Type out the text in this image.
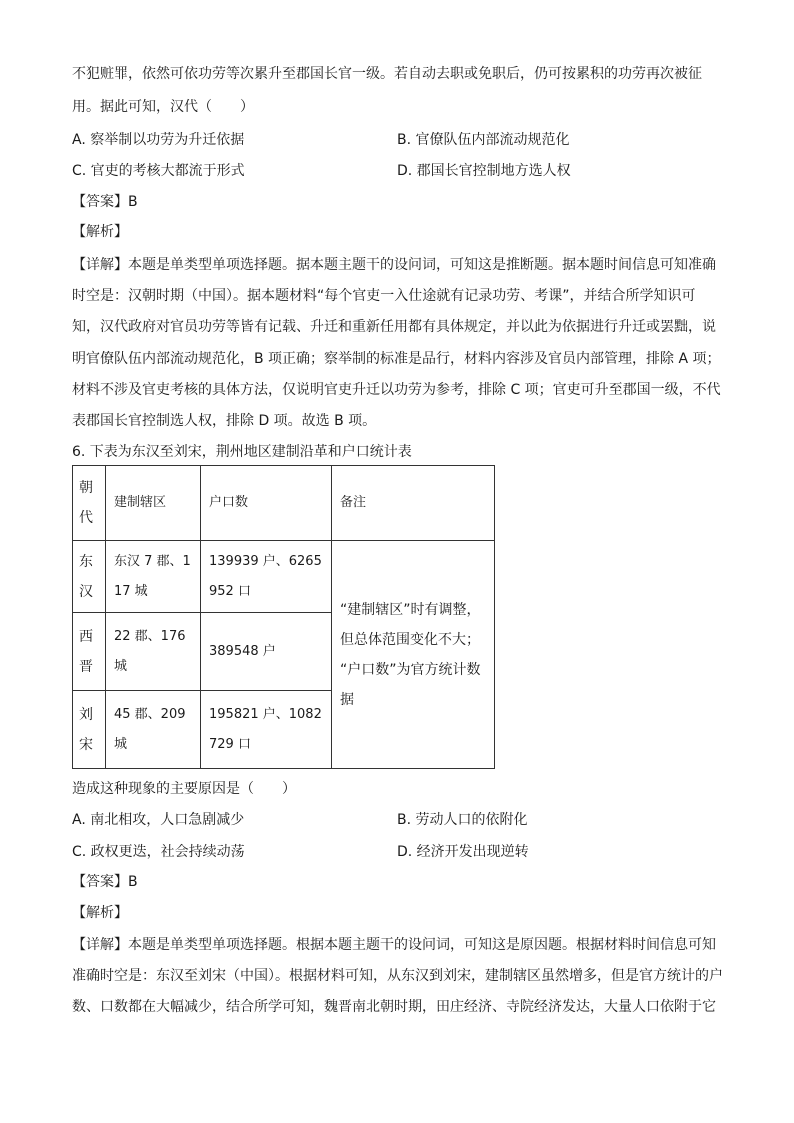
不犯赃罪，依然可依功劳等次累升至郡国长官一级。若自动去职或免职后，仍可按累积的功劳再次被征
用。据此可知，汉代（　　）
A. 察举制以功劳为升迁依据	B. 官僚队伍内部流动规范化
C. 官吏的考核大都流于形式	D. 郡国长官控制地方选人权
【答案】B
【解析】
【详解】本题是单类型单项选择题。据本题主题干的设问词，可知这是推断题。据本题时间信息可知准确
时空是：汉朝时期（中国）。据本题材料“每个官吏一入仕途就有记录功劳、考课”，并结合所学知识可
知，汉代政府对官员功劳等皆有记载、升迁和重新任用都有具体规定，并以此为依据进行升迁或罢黜，说
明官僚队伍内部流动规范化，B 项正确；察举制的标准是品行，材料内容涉及官员内部管理，排除 A 项；
材料不涉及官吏考核的具体方法，仅说明官吏升迁以功劳为参考，排除 C 项；官吏可升至郡国一级，不代
表郡国长官控制选人权，排除 D 项。故选 B 项。
6. 下表为东汉至刘宋，荆州地区建制沿革和户口统计表
朝代	建制辖区	户口数	备注

东汉	东汉 7 郡、117 城	139939 户、6265952 口	“建制辖区”时有调整，
但总体范围变化不大；
“户口数”为官方统计数
据

西晋	22 郡、176 城	389548 户	

刘宋	45 郡、209 城	195821 户、1082729 口	
造成这种现象的主要原因是（　　）
A. 南北相攻，人口急剧减少	B. 劳动人口的依附化
C. 政权更迭，社会持续动荡	D. 经济开发出现逆转
【答案】B
【解析】
【详解】本题是单类型单项选择题。根据本题主题干的设问词，可知这是原因题。根据材料时间信息可知
准确时空是：东汉至刘宋（中国）。根据材料可知，从东汉到刘宋，建制辖区虽然增多，但是官方统计的户
数、口数都在大幅减少，结合所学可知，魏晋南北朝时期，田庄经济、寺院经济发达，大量人口依附于它
